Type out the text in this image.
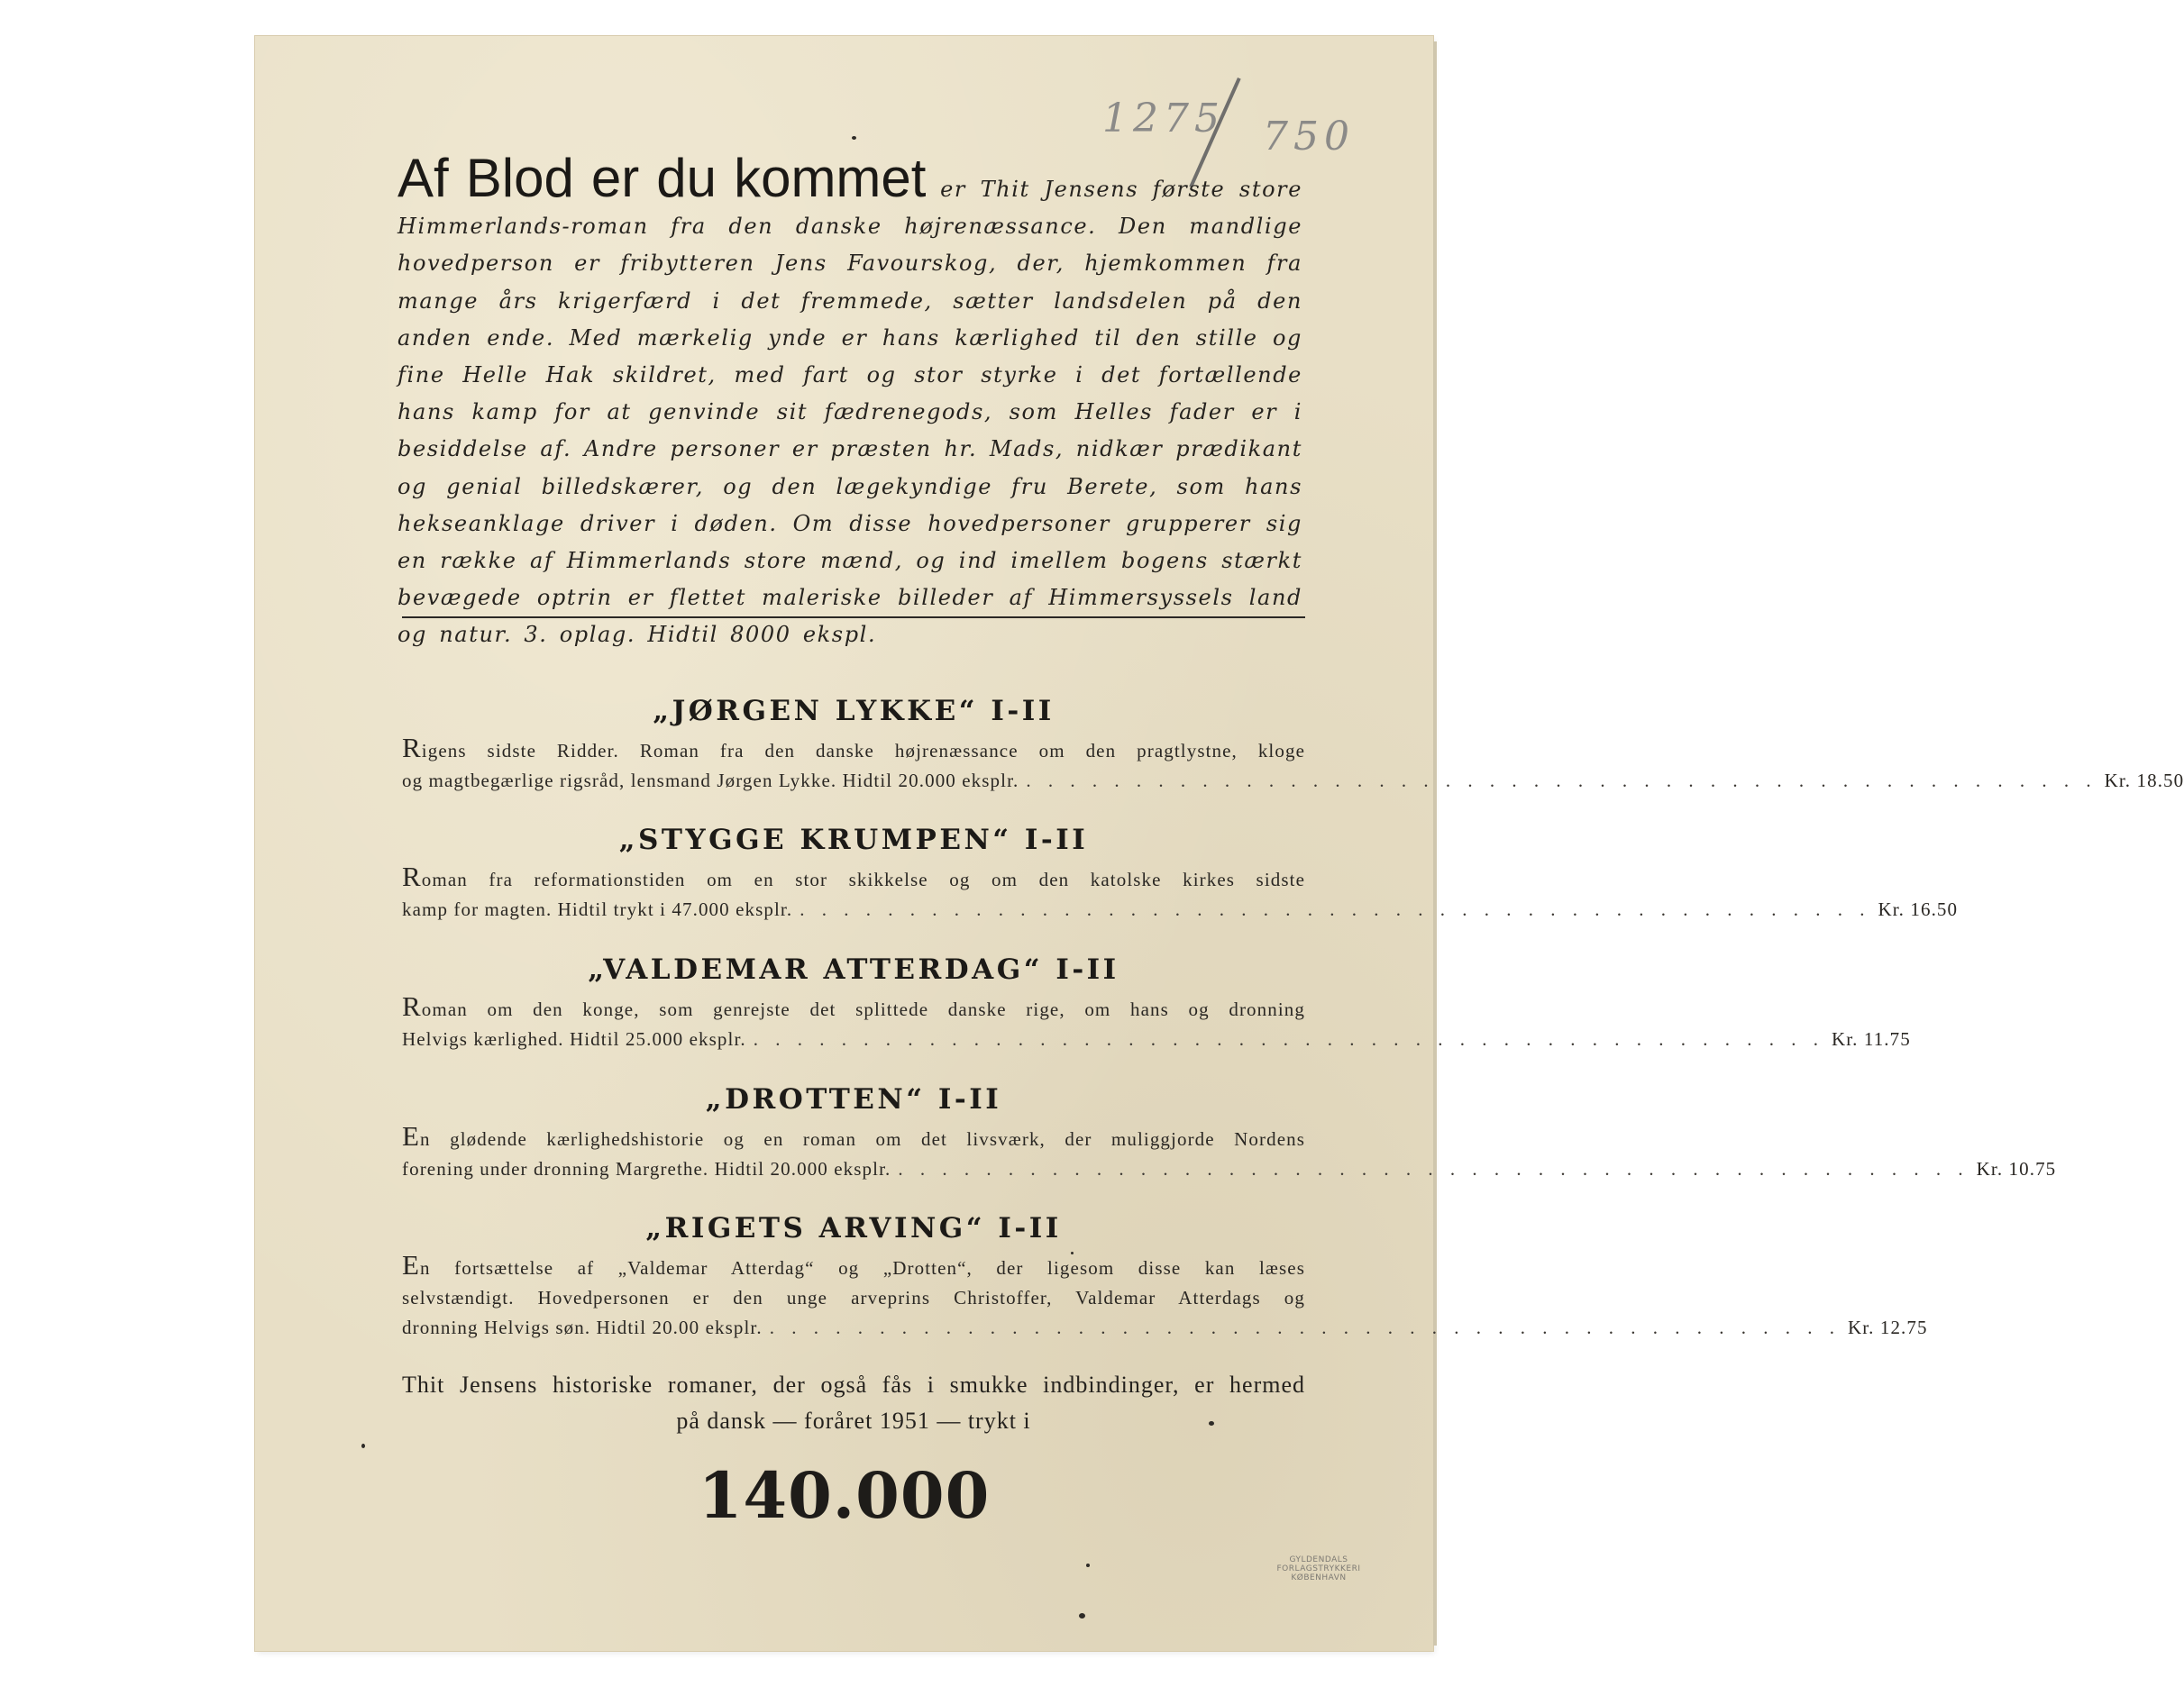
1275 750
Af Blod er du kommet er Thit Jensens første store Himmerlands-roman fra den danske højrenæssance. Den mandlige hovedperson er fribytteren Jens Favourskog, der, hjemkommen fra mange års krigerfærd i det fremmede, sætter landsdelen på den anden ende. Med mærkelig ynde er hans kærlighed til den stille og fine Helle Hak skildret, med fart og stor styrke i det fortællende hans kamp for at genvinde sit fædrenegods, som Helles fader er i besiddelse af. Andre personer er præsten hr. Mads, nidkær prædikant og genial billedskærer, og den lægekyndige fru Berete, som hans hekseanklage driver i døden. Om disse hovedpersoner grupperer sig en række af Himmerlands store mænd, og ind imellem bogens stærkt bevægede optrin er flettet maleriske billeder af Himmersyssels land og natur. 3. oplag. Hidtil 8000 ekspl.
„JØRGEN LYKKE“ I-II
Rigens sidste Ridder. Roman fra den danske højrenæssance om den pragtlystne, kloge
og magtbegærlige rigsråd, lensmand Jørgen Lykke. Hidtil 20.000 eksplr. . . . . . . . . . . . . . . . . . . . . . . . . . . . . . . . . . . . . . . . . . . . . . . . . . Kr. 18.50
„STYGGE KRUMPEN“ I-II
Roman fra reformationstiden om en stor skikkelse og om den katolske kirkes sidste
kamp for magten. Hidtil trykt i 47.000 eksplr. . . . . . . . . . . . . . . . . . . . . . . . . . . . . . . . . . . . . . . . . . . . . . . . . . Kr. 16.50
„VALDEMAR ATTERDAG“ I-II
Roman om den konge, som genrejste det splittede danske rige, om hans og dronning
Helvigs kærlighed. Hidtil 25.000 eksplr. . . . . . . . . . . . . . . . . . . . . . . . . . . . . . . . . . . . . . . . . . . . . . . . . . Kr. 11.75
„DROTTEN“ I-II
En glødende kærlighedshistorie og en roman om det livsværk, der muliggjorde Nordens
forening under dronning Margrethe. Hidtil 20.000 eksplr. . . . . . . . . . . . . . . . . . . . . . . . . . . . . . . . . . . . . . . . . . . . . . . . . . Kr. 10.75
„RIGETS ARVING“ I-II
En fortsættelse af „Valdemar Atterdag“ og „Drotten“, der ligesom disse kan læses
selvstændigt. Hovedpersonen er den unge arveprins Christoffer, Valdemar Atterdags og
dronning Helvigs søn. Hidtil 20.00 eksplr. . . . . . . . . . . . . . . . . . . . . . . . . . . . . . . . . . . . . . . . . . . . . . . . . . Kr. 12.75
Thit Jensens historiske romaner, der også fås i smukke indbindinger, er hermed
på dansk — foråret 1951 — trykt i
140.000
GYLDENDALS
FORLAGSTRYKKERI
KØBENHAVN
